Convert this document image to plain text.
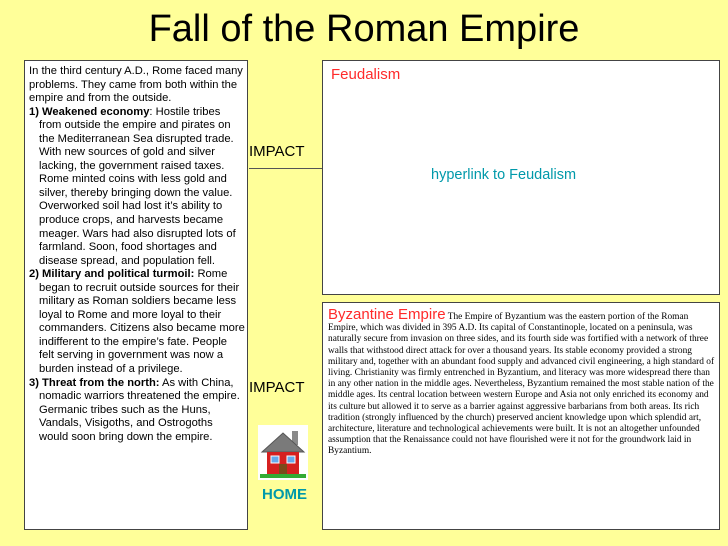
Fall of the Roman Empire

In the third century A.D., Rome faced many problems. They came from both within the empire and from the outside.

1) Weakened economy: Hostile tribes from outside the empire and pirates on the Mediterranean Sea disrupted trade. With new sources of gold and silver lacking, the government raised taxes. Rome minted coins with less gold and silver, thereby bringing down the value. Overworked soil had lost it’s ability to produce crops, and harvests became meager. Wars had also disrupted lots of farmland. Soon, food shortages and disease spread, and population fell.

2) Military and political turmoil: Rome began to recruit outside sources for their military as Roman soldiers became less loyal to Rome and more loyal to their commanders. Citizens also became more indifferent to the empire’s fate. People felt serving in government was now a burden instead of a privilege.

3) Threat from the north: As with China, nomadic warriors threatened the empire. Germanic tribes such as the Huns, Vandals, Visigoths, and Ostrogoths would soon bring down the empire.

IMPACT
Feudalism
hyperlink to Feudalism
IMPACT

Byzantine Empire The Empire of Byzantium was the eastern portion of the Roman Empire, which was divided in 395 A.D. Its capital of Constantinople, located on a peninsula, was naturally secure from invasion on three sides, and its fourth side was fortified with a network of three walls that withstood direct attack for over a thousand years. Its stable economy provided a strong military and, together with an abundant food supply and advanced civil engineering, a high standard of living. Christianity was firmly entrenched in Byzantium, and literacy was more widespread there than in any other nation in the middle ages. Nevertheless, Byzantium remained the most stable nation of the middle ages. Its central location between western Europe and Asia not only enriched its economy and its culture but allowed it to serve as a barrier against aggressive barbarians from both areas. Its rich tradition (strongly influenced by the church) preserved ancient knowledge upon which splendid art, architecture, literature and technological achievements were built. It is not an altogether unfounded assumption that the Renaissance could not have flourished were it not for the groundwork laid in Byzantium.

HOME
